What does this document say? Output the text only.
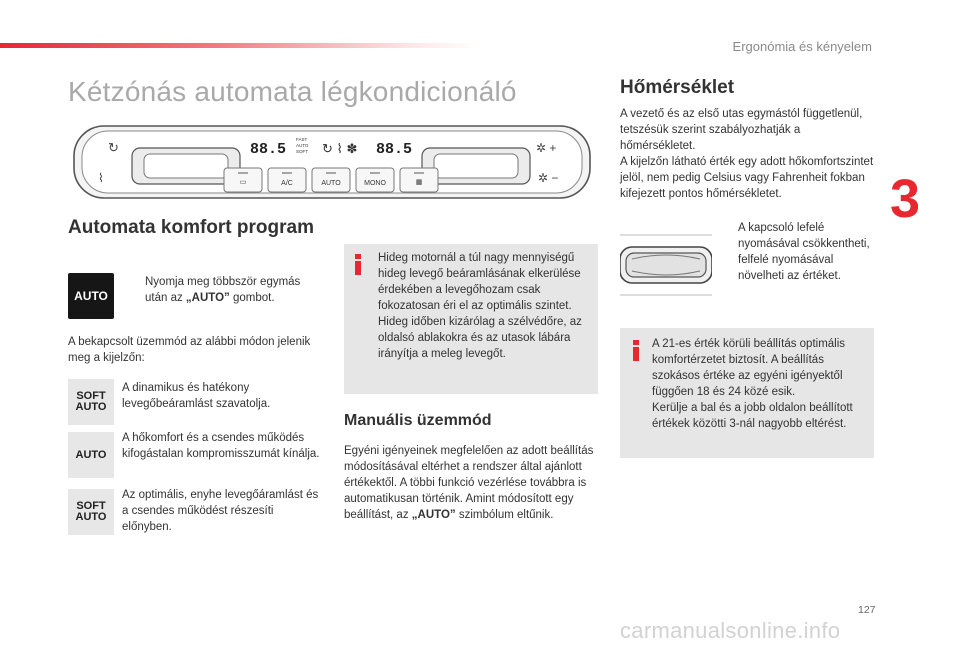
Ergonómia és kényelem
Kétzónás automata légkondicionáló
↻	✲ +
⌇	✲ −
88.5	88.5
FAST
AUTO
SOFT ↻ ⌇ ✽
▭	A/C	AUTO	MONO	▦
Automata komfort program
AUTO
Nyomja meg többször egymás után az „AUTO” gombot.
A bekapcsolt üzemmód az alábbi módon jelenik meg a kijelzőn:
SOFT
AUTO
A dinamikus és hatékony levegőbeáramlást szavatolja.
AUTO
A hőkomfort és a csendes működés kifogástalan kompromisszumát kínálja.
SOFT
AUTO
Az optimális, enyhe levegőáramlást és a csendes működést részesíti előnyben.
Hideg motornál a túl nagy mennyiségű hideg levegő beáramlásának elkerülése érdekében a levegőhozam csak fokozatosan éri el az optimális szintet. Hideg időben kizárólag a szélvédőre, az oldalsó ablakokra és az utasok lábára irányítja a meleg levegőt.
Manuális üzemmód
Egyéni igényeinek megfelelően az adott beállítás módosításával eltérhet a rendszer által ajánlott értékektől. A többi funkció vezérlése továbbra is automatikusan történik. Amint módosított egy beállítást, az „AUTO” szimbólum eltűnik.
Hőmérséklet
A vezető és az első utas egymástól függetlenül, tetszésük szerint szabályozhatják a hőmérsékletet.
A kijelzőn látható érték egy adott hőkomfortszintet jelöl, nem pedig Celsius vagy Fahrenheit fokban kifejezett pontos hőmérsékletet.
A kapcsoló lefelé nyomásával csökkentheti, felfelé nyomásával növelheti az értéket.
A 21-es érték körüli beállítás optimális komfortérzetet biztosít. A beállítás szokásos értéke az egyéni igényektől függően 18 és 24 közé esik.
Kerülje a bal és a jobb oldalon beállított értékek közötti 3-nál nagyobb eltérést.
3
127
carmanualsonline.info
